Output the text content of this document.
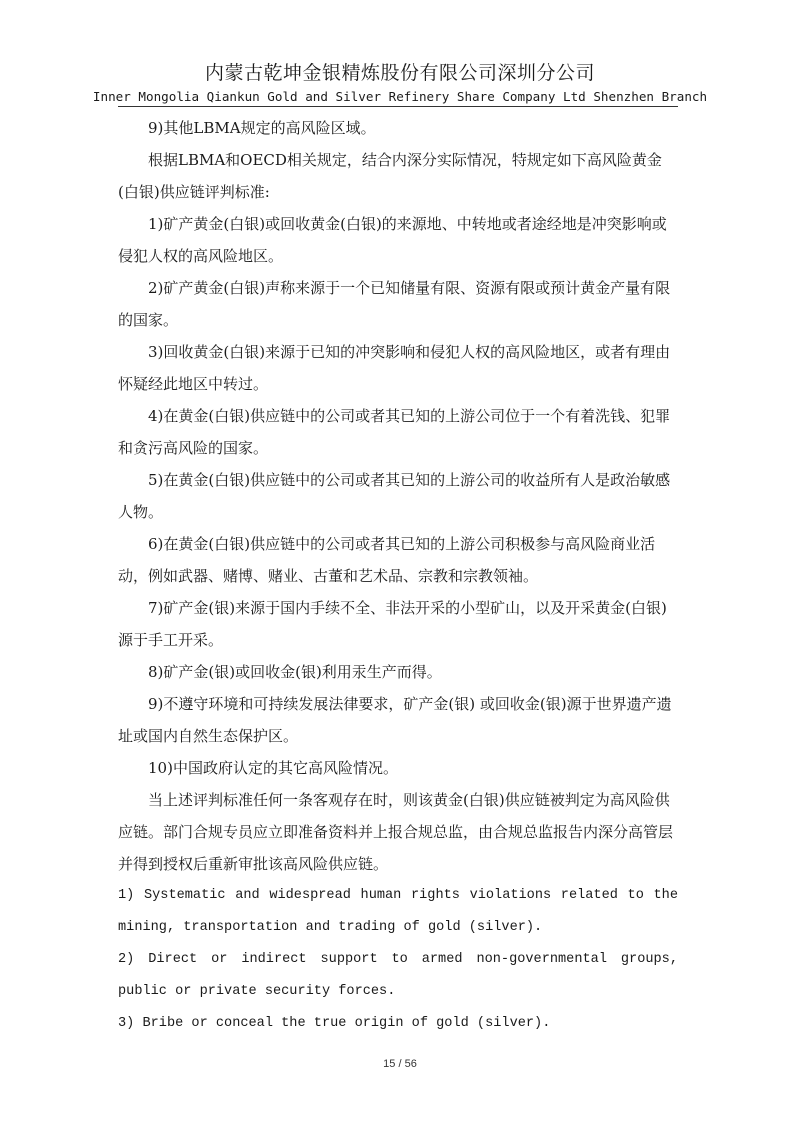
内蒙古乾坤金银精炼股份有限公司深圳分公司
Inner Mongolia Qiankun Gold and Silver Refinery Share Company Ltd Shenzhen Branch

9)其他LBMA规定的高风险区域。

根据LBMA和OECD相关规定，结合内深分实际情况，特规定如下高风险黄金(白银)供应链评判标准:

1)矿产黄金(白银)或回收黄金(白银)的来源地、中转地或者途经地是冲突影响或侵犯人权的高风险地区。

2)矿产黄金(白银)声称来源于一个已知储量有限、资源有限或预计黄金产量有限的国家。

3)回收黄金(白银)来源于已知的冲突影响和侵犯人权的高风险地区，或者有理由怀疑经此地区中转过。

4)在黄金(白银)供应链中的公司或者其已知的上游公司位于一个有着洗钱、犯罪和贪污高风险的国家。

5)在黄金(白银)供应链中的公司或者其已知的上游公司的收益所有人是政治敏感人物。

6)在黄金(白银)供应链中的公司或者其已知的上游公司积极参与高风险商业活动，例如武器、赌博、赌业、古董和艺术品、宗教和宗教领袖。

7)矿产金(银)来源于国内手续不全、非法开采的小型矿山，以及开采黄金(白银)源于手工开采。

8)矿产金(银)或回收金(银)利用汞生产而得。

9)不遵守环境和可持续发展法律要求，矿产金(银) 或回收金(银)源于世界遗产遗址或国内自然生态保护区。

10)中国政府认定的其它高风险情况。

当上述评判标准任何一条客观存在时，则该黄金(白银)供应链被判定为高风险供应链。部门合规专员应立即准备资料并上报合规总监，由合规总监报告内深分高管层并得到授权后重新审批该高风险供应链。

1) Systematic and widespread human rights violations related to the mining, transportation and trading of gold (silver).

2) Direct or indirect support to armed non-governmental groups, public or private security forces.

3) Bribe or conceal the true origin of gold (silver).

15 / 56
